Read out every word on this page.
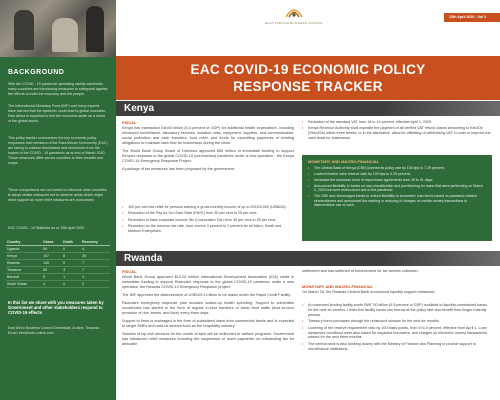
BACKGROUND
With the COVID - 19 pandemic spreading rapidly worldwide, many countries are introducing measures to safeguard against the effects on both the economy and the people.
The International Monetary Fund (IMF) and many experts have warned that the epidemic could lead to global recession. East Africa is expected to feel the economic strain as a result of the global shock.
This policy tracker summarizes the key economic policy responses that members of the East African Community (EAC) are taking to cushion businesses and economies from the impact of the COVID - 19 pandemic as at end of March 2020. These measures differ across countries in their breadth and scope.
These comparisons are not meant to influence other countries to adopt similar measures but to observe areas which might need support as more relief measures are announced.
EAC COVID - 19 Statistics as of 13th April 2020
Country	Cases	Death	Recovery
Uganda	54	0	4
Kenya	197	8	25
Rwanda	126	0	7
Tanzania	53	3	7
Burundi	5	1	1
South Sudan	4	0	0
In this list we share with you measures taken by Government and other stakeholders respond to COVID-19 effects
East Africa Business Council Secretariat, Arusha, Tanzania. Email: info@eabc-online.com
EAST AFRICAN BUSINESS COUNCIL
13th April 2020 - Vol 2
EAC COVID-19 ECONOMIC POLICY
RESPONSE TRACKER
Kenya
FISCAL

Kenya has earmarked Ksh40 billion (0.4 percent of GDP) for additional health expenditure, including enhanced surveillance, laboratory services, isolation units, equipment, supplies, and communication; social protection and cash transfers; food relief; and funds for expediting payments of existing obligations to maintain cash flow for businesses during the crisis.

The World Bank Group Board of Directors approved $50 million in immediate funding to support Kenya's response to the global COVID-19 (coronavirus) pandemic under a new operation - the Kenya COVID-19 Emergency Response Project.

A package of tax measures has been proposed by the government:

• 100 per cent tax relief for persons earning a gross monthly income of up to KSh24,000 (US$226).
• Reduction of the Pay As You Earn Rate (PAYE) from 30 per cent to 25 per cent.
• Reduction of base corporate Income Tax (Corporation Tax) from 30 per cent to 25 per cent.
• Reduction on the turnover tax rate, from current 3 percent to 1 percent for all Micro, Small and Medium Enterprises.
• Reduction of the standard VAT from 16 to 14 percent, effective April 1, 2020.
• Kenya Revenue Authority shall expedite the payment of all verified VAT refund claims amounting to Ksh10b (Shs420b) within three weeks; or in the alternative, allow for offsetting of withholding VAT in order to improve the cash flows for businesses.
MONETARY AND MACRO-FINANCIAL
• The Central Bank of Kenya (CBK) lowered its policy rate by 100 bps to 7.25 percent;
• Lowered banks' cash reserve ratio by 100 bps to 4.25 percent;
• Increased the maximum tenor of repurchase agreements from 28 to 91 days;
• Announced flexibility to banks on loan classification and provisioning for loans that were performing on March 2, 2020 but were restructured due to the pandemic.
• The CBK also encouraged banks to extend flexibility to borrowers' loan terms based on pandemic-related circumstances and announced the waiving or reducing of charges on mobile money transactions to disincentivize use of cash.
Rwanda
FISCAL

World Bank Group approved $14.25 million International Development Association (IDA) credit in immediate funding to support Rwanda's response to the global COVID-19 pandemic under a new operation, the Rwanda COVID-19 Emergency Response project.

The IMF approved the disbursement of US$109.4 million to be drawn under the Rapid Credit Facility.

Rwanda's emergency response plan includes scaled-up health spending. Support to vulnerable households has started in the form of regular in-kind transfers of basic food staffs (door-to-door provision of rice, beans, and flour) every three days.

Support to firms is envisaged in the form of subsidized loans from commercial banks and is expected to target SMEs and hard-hit sectors such as the hospitality industry.

Salaries of top civil servants for the month of April will be redirected to welfare programs. Government has introduced relief measures including the suspension of down payments on outstanding tax for amicable

settlement and has softened of enforcement for tax arrears collection.
MONETARY AND MACRO-FINANCIAL
On March 18, the Rwanda Central Bank announced liquidity support measures:
• An extended lending facility worth RWF 50 billion (0.5 percent of GDP) available to liquidity-constrained banks for the next six months. Under this facility banks can borrow at the policy rate and benefit from longer maturity periods.
• Treasury bond purchases through the rediscount window for the next six months.
• Lowering of the reserve requirement ratio by 100 basis points, from 5 to 4 percent, effective from April 1. Loan repayment conditions were also eased for impacted borrowers, and charges on electronic money transactions waived for the next three months.
• The central bank is also working closely with the Ministry of Finance and Planning to provide support to microfinance institutions.
